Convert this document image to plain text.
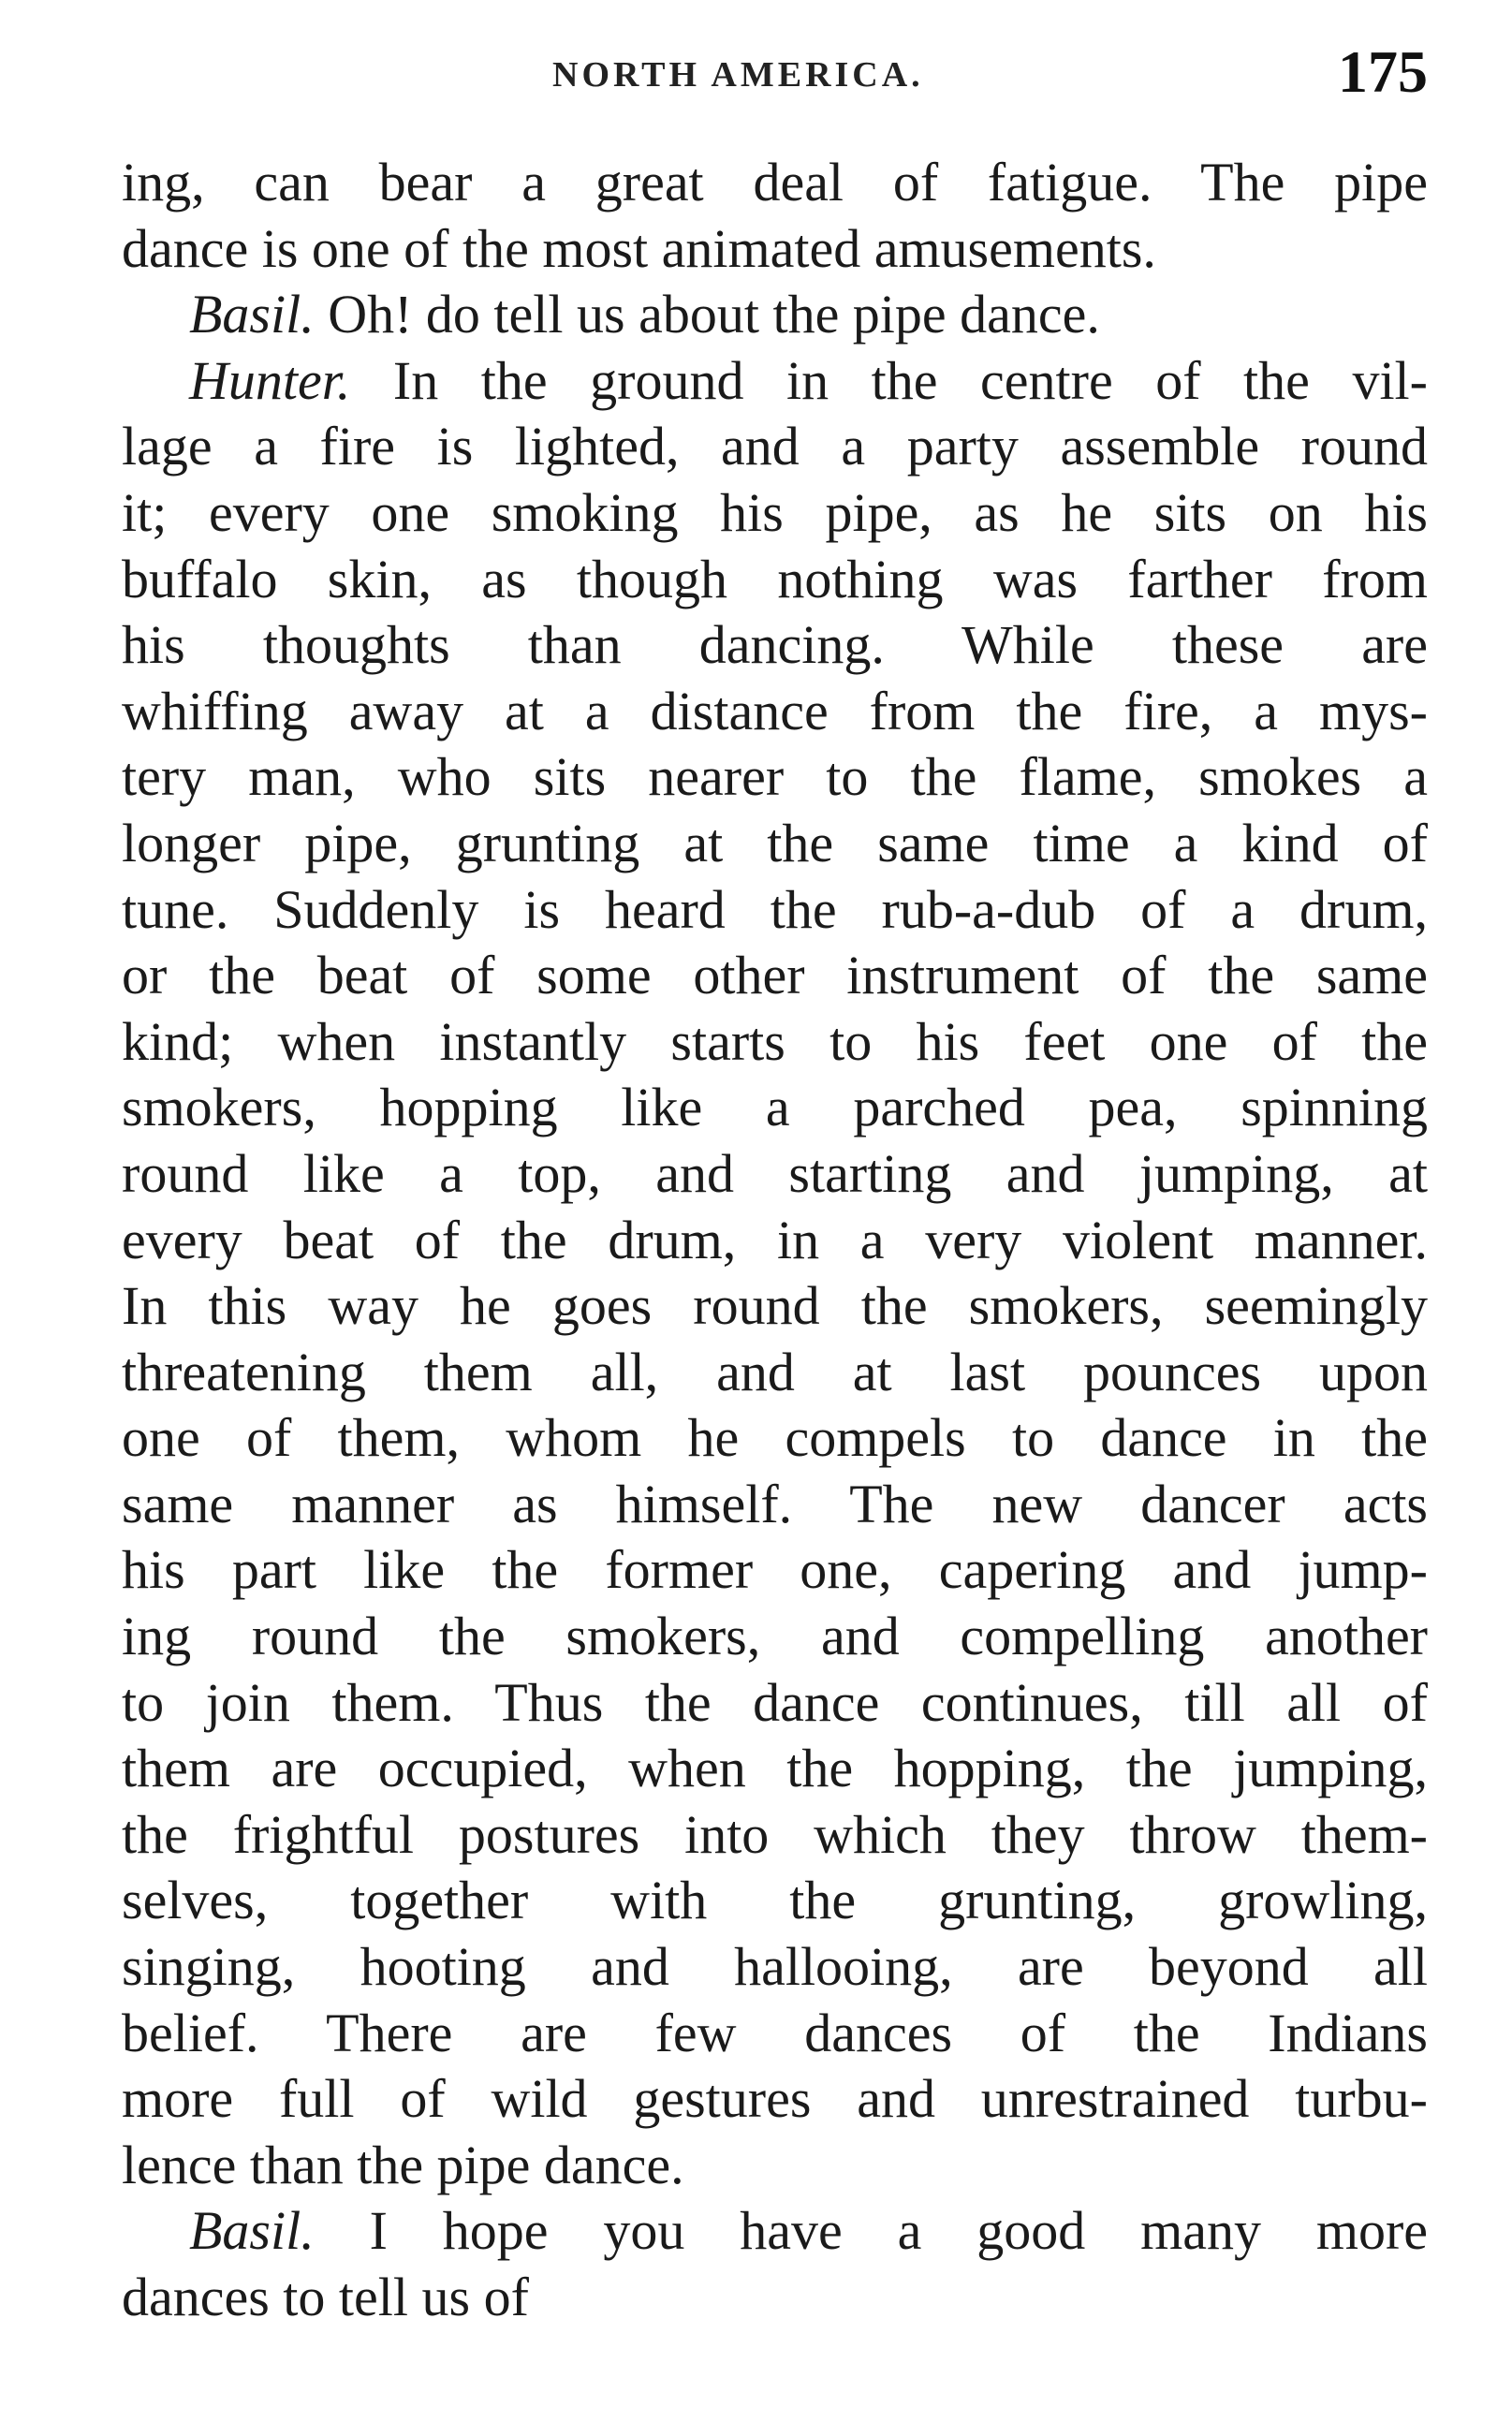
NORTH AMERICA.	175
ing, can bear a great deal of fatigue. The pipe
dance is one of the most animated amusements.
Basil. Oh! do tell us about the pipe dance.
Hunter. In the ground in the centre of the vil-
lage a fire is lighted, and a party assemble round
it; every one smoking his pipe, as he sits on his
buffalo skin, as though nothing was farther from
his thoughts than dancing. While these are
whiffing away at a distance from the fire, a mys-
tery man, who sits nearer to the flame, smokes a
longer pipe, grunting at the same time a kind of
tune. Suddenly is heard the rub-a-dub of a drum,
or the beat of some other instrument of the same
kind; when instantly starts to his feet one of the
smokers, hopping like a parched pea, spinning
round like a top, and starting and jumping, at
every beat of the drum, in a very violent manner.
In this way he goes round the smokers, seemingly
threatening them all, and at last pounces upon
one of them, whom he compels to dance in the
same manner as himself. The new dancer acts
his part like the former one, capering and jump-
ing round the smokers, and compelling another
to join them. Thus the dance continues, till all of
them are occupied, when the hopping, the jumping,
the frightful postures into which they throw them-
selves, together with the grunting, growling,
singing, hooting and hallooing, are beyond all
belief. There are few dances of the Indians
more full of wild gestures and unrestrained turbu-
lence than the pipe dance.
Basil. I hope you have a good many more
dances to tell us of
